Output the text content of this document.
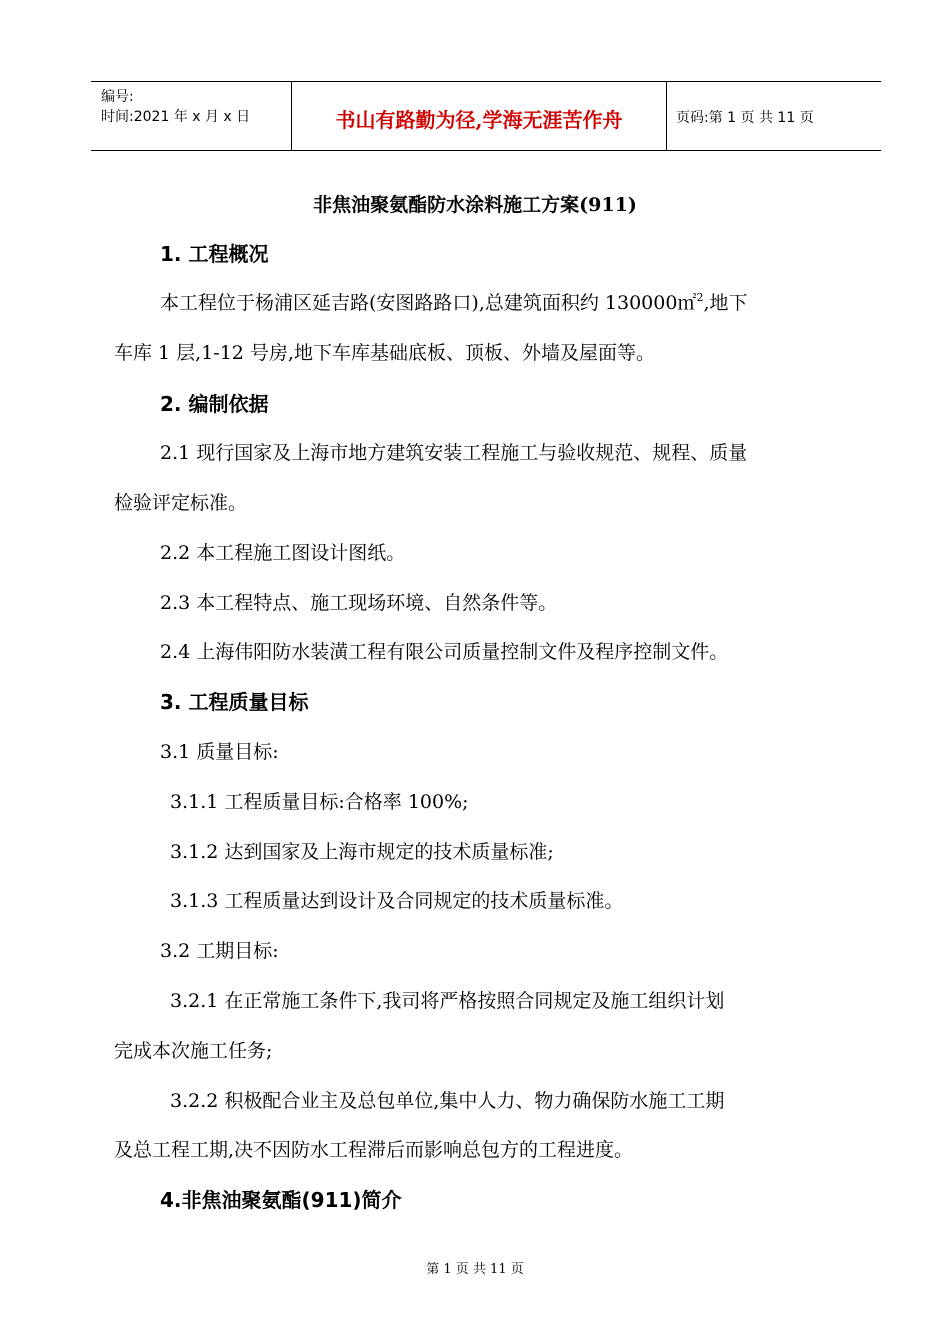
编号:
时间:2021 年 x 月 x 日	书山有路勤为径,学海无涯苦作舟	页码:第 1 页 共 11 页
非焦油聚氨酯防水涂料施工方案(911)
1. 工程概况
本工程位于杨浦区延吉路(安图路路口),总建筑面积约 130000㎡$^2$,地下
车库 1 层,1-12 号房,地下车库基础底板、顶板、外墙及屋面等。
2. 编制依据
2.1 现行国家及上海市地方建筑安装工程施工与验收规范、规程、质量
检验评定标准。
2.2 本工程施工图设计图纸。
2.3 本工程特点、施工现场环境、自然条件等。
2.4 上海伟阳防水装潢工程有限公司质量控制文件及程序控制文件。
3. 工程质量目标
3.1 质量目标:
3.1.1 工程质量目标:合格率 100%;
3.1.2 达到国家及上海市规定的技术质量标准;
3.1.3 工程质量达到设计及合同规定的技术质量标准。
3.2 工期目标:
3.2.1 在正常施工条件下,我司将严格按照合同规定及施工组织计划
完成本次施工任务;
3.2.2 积极配合业主及总包单位,集中人力、物力确保防水施工工期
及总工程工期,决不因防水工程滞后而影响总包方的工程进度。
4.非焦油聚氨酯(911)简介
第 1 页 共 11 页
